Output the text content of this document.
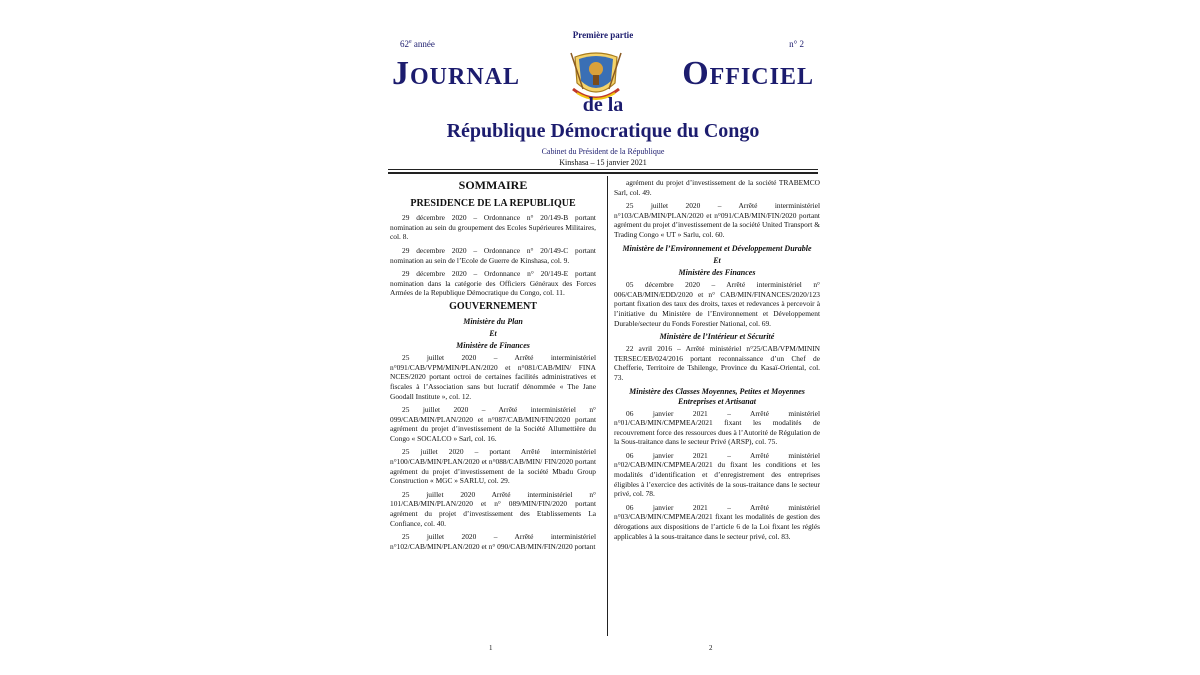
Première partie
62e année	n° 2
Journal	Officiel
de la
République Démocratique du Congo
Cabinet du Président de la République
Kinshasa – 15 janvier 2021
SOMMAIRE
PRESIDENCE DE LA REPUBLIQUE

29 décembre 2020 – Ordonnance n° 20/149-B portant nomination au sein du groupement des Ecoles Supérieures Militaires, col. 8.

29 decembre 2020 – Ordonnance n° 20/149-C portant nomination au sein de l’Ecole de Guerre de Kinshasa, col. 9.

29 décembre 2020 – Ordonnance n° 20/149-E portant nomination dans la catégorie des Officiers Généraux des Forces Armées de la Republique Démocratique du Congo, col. 11.

GOUVERNEMENT
Ministère du Plan
Et
Ministère de Finances

25 juillet 2020 – Arrêté interministériel n°091/CAB/VPM/MIN/PLAN/2020 et n°081/CAB/MIN/ FINA NCES/2020 portant octroi de certaines facilités administratives et fiscales à l’Association sans but lucratif dénommée « The Jane Goodall Institute », col. 12.

25 juillet 2020 – Arrêté interministériel n° 099/CAB/MIN/PLAN/2020 et n°087/CAB/MIN/FIN/2020 portant agrément du projet d’investissement de la Société Allumettière du Congo « SOCALCO » Sarl, col. 16.

25 juillet 2020 – portant Arrêté interministériel n°100/CAB/MIN/PLAN/2020 et n°088/CAB/MIN/ FIN/2020 portant agrément du projet d’investissement de la société Mbadu Group Construction « MGC » SARLU, col. 29.

25 juillet 2020 Arrêté interministériel n° 101/CAB/MIN/PLAN/2020 et n° 089/MIN/FIN/2020 portant agrément du projet d’investissement des Etablissements La Confiance, col. 40.

25 juillet 2020 – Arrêté interministériel n°102/CAB/MIN/PLAN/2020 et n° 090/CAB/MIN/FIN/2020 portant

agrément du projet d’investissement de la société TRABEMCO Sarl, col. 49.

25 juillet 2020 – Arrêté interministériel n°103/CAB/MIN/PLAN/2020 et n°091/CAB/MIN/FIN/2020 portant agrément du projet d’investissement de la société United Transport & Trading Congo « UT » Sarlu, col. 60.

Ministère de l’Environnement et Développement Durable
Et
Ministère des Finances

05 décembre 2020 – Arrêté interministériel n° 006/CAB/MIN/EDD/2020 et n° CAB/MIN/FINANCES/2020/123 portant fixation des taux des droits, taxes et redevances à percevoir à l’initiative du Ministère de l’Environnement et Développement Durable/secteur du Fonds Forestier National, col. 69.

Ministère de l’Intérieur et Sécurité

22 avril 2016 – Arrêté ministériel n°25/CAB/VPM/MININ TERSEC/EB/024/2016 portant reconnaissance d’un Chef de Chefferie, Territoire de Tshilenge, Province du Kasaï-Oriental, col. 73.

Ministère des Classes Moyennes, Petites et Moyennes Entreprises et Artisanat

06 janvier 2021 – Arrêté ministériel n°01/CAB/MIN/CMPMEA/2021 fixant les modalités de recouvrement force des ressources dues à l’Autorité de Régulation de la Sous-traitance dans le secteur Privé (ARSP), col. 75.

06 janvier 2021 – Arrêté ministériel n°02/CAB/MIN/CMPMEA/2021 du fixant les conditions et les modalités d’identification et d’enregistrement des entreprises éligibles à l’exercice des activités de la sous-traitance dans le secteur privé, col. 78.

06 janvier 2021 – Arrêté ministériel n°03/CAB/MIN/CMPMEA/2021 fixant les modalités de gestion des dérogations aux dispositions de l’article 6 de la Loi fixant les réglés applicables à la sous-traitance dans le secteur privé, col. 83.

1	2
